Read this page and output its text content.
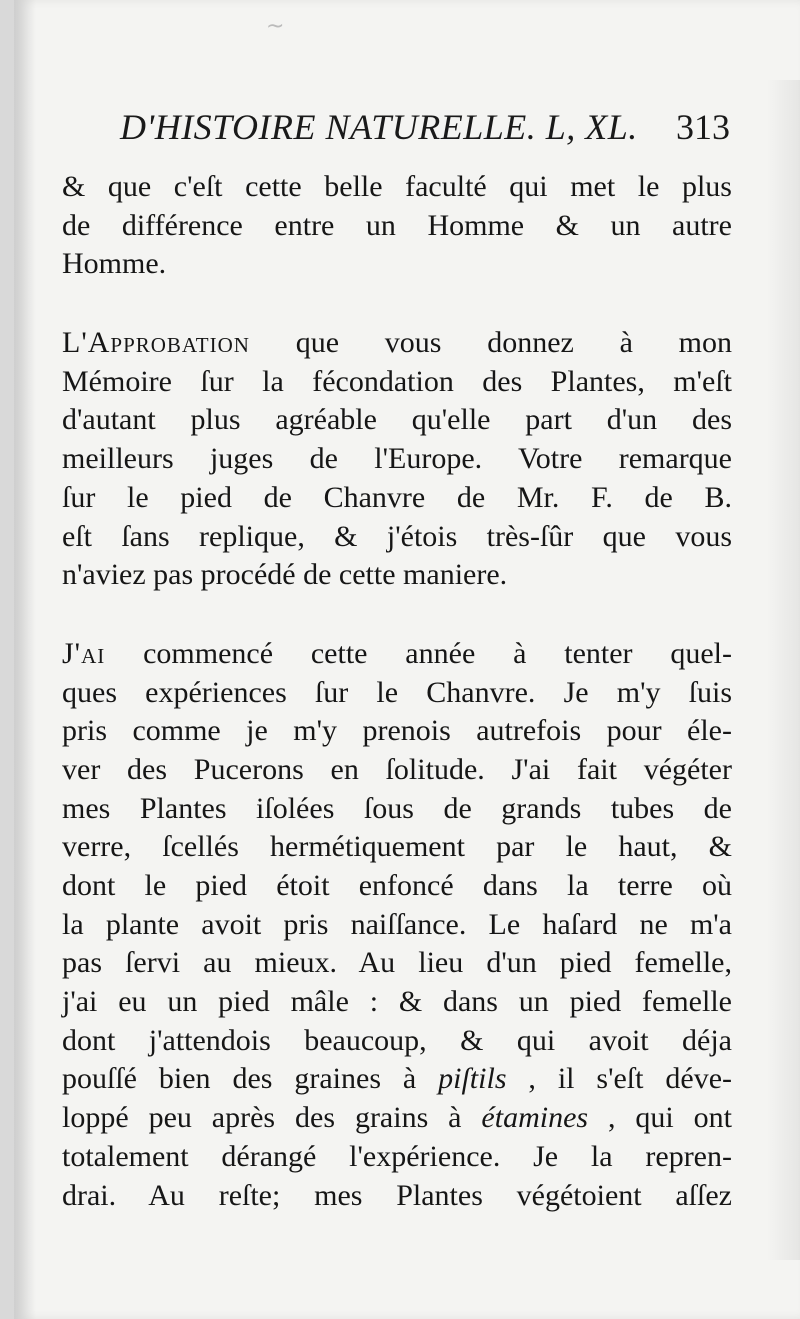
~
D'HISTOIRE NATURELLE. L, XL. 313
& que c'eſt cette belle faculté qui met le plus
de différence entre un Homme & un autre
Homme.
L'Approbation que vous donnez à mon
Mémoire ſur la fécondation des Plantes, m'eſt
d'autant plus agréable qu'elle part d'un des
meilleurs juges de l'Europe. Votre remarque
ſur le pied de Chanvre de Mr. F. de B.
eſt ſans replique, & j'étois très-ſûr que vous
n'aviez pas procédé de cette maniere.
J'ai commencé cette année à tenter quel-
ques expériences ſur le Chanvre. Je m'y ſuis
pris comme je m'y prenois autrefois pour éle-
ver des Pucerons en ſolitude. J'ai fait végéter
mes Plantes iſolées ſous de grands tubes de
verre, ſcellés hermétiquement par le haut, &
dont le pied étoit enfoncé dans la terre où
la plante avoit pris naiſſance. Le haſard ne m'a
pas ſervi au mieux. Au lieu d'un pied femelle,
j'ai eu un pied mâle : & dans un pied femelle
dont j'attendois beaucoup, & qui avoit déja
pouſſé bien des graines à piſtils , il s'eſt déve-
loppé peu après des grains à étamines , qui ont
totalement dérangé l'expérience. Je la repren-
drai. Au reſte; mes Plantes végétoient aſſez
